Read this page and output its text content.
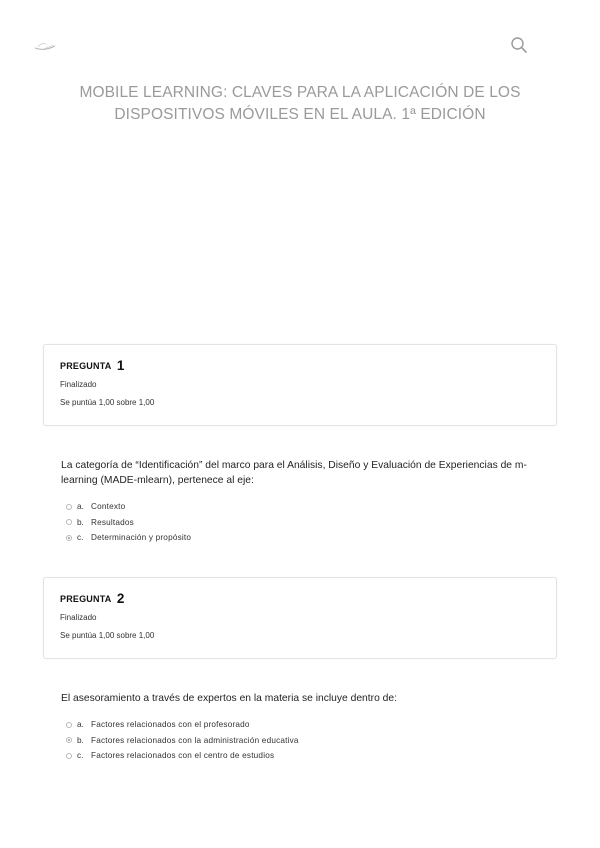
MOBILE LEARNING: CLAVES PARA LA APLICACIÓN DE LOS DISPOSITIVOS MÓVILES EN EL AULA. 1ª EDICIÓN
PREGUNTA 1
Finalizado
Se puntúa 1,00 sobre 1,00
La categoría de “Identificación” del marco para el Análisis, Diseño y Evaluación de Experiencias de m-learning (MADE-mlearn), pertenece al eje:
a. Contexto
b. Resultados
c. Determinación y propósito
PREGUNTA 2
Finalizado
Se puntúa 1,00 sobre 1,00
El asesoramiento a través de expertos en la materia se incluye dentro de:
a. Factores relacionados con el profesorado
b. Factores relacionados con la administración educativa
c. Factores relacionados con el centro de estudios
